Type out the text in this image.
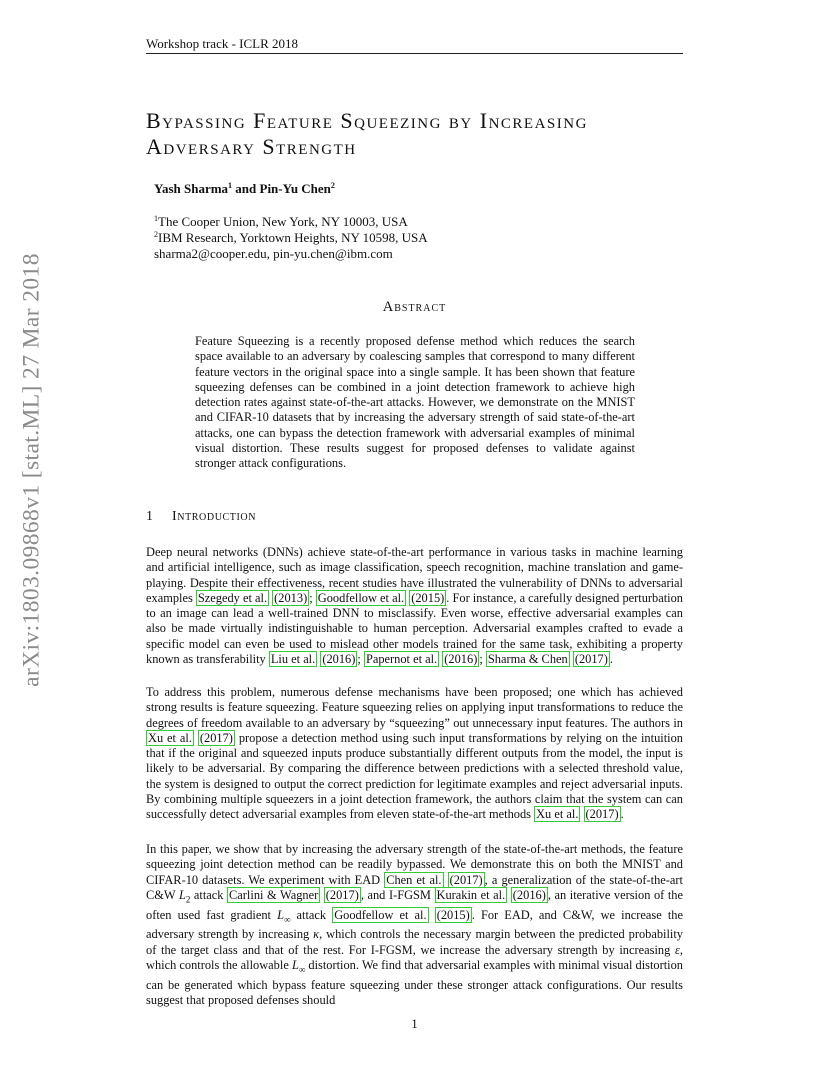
Workshop track - ICLR 2018
arXiv:1803.09868v1 [stat.ML] 27 Mar 2018
Bypassing Feature Squeezing by Increasing
Adversary Strength
Yash Sharma$^1$ and Pin-Yu Chen$^2$
$^1$The Cooper Union, New York, NY 10003, USA
$^2$IBM Research, Yorktown Heights, NY 10598, USA
sharma2@cooper.edu, pin-yu.chen@ibm.com
Abstract
Feature Squeezing is a recently proposed defense method which reduces the search space available to an adversary by coalescing samples that correspond to many different feature vectors in the original space into a single sample. It has been shown that feature squeezing defenses can be combined in a joint detection framework to achieve high detection rates against state-of-the-art attacks. However, we demonstrate on the MNIST and CIFAR-10 datasets that by increasing the adversary strength of said state-of-the-art attacks, one can bypass the detection framework with adversarial examples of minimal visual distortion. These results suggest for proposed defenses to validate against stronger attack configurations.
1 Introduction
Deep neural networks (DNNs) achieve state-of-the-art performance in various tasks in machine learning and artificial intelligence, such as image classification, speech recognition, machine translation and game-playing. Despite their effectiveness, recent studies have illustrated the vulnerability of DNNs to adversarial examples Szegedy et al. (2013) ; Goodfellow et al. (2015) . For instance, a carefully designed perturbation to an image can lead a well-trained DNN to misclassify. Even worse, effective adversarial examples can also be made virtually indistinguishable to human perception. Adversarial examples crafted to evade a specific model can even be used to mislead other models trained for the same task, exhibiting a property known as transferability Liu et al. (2016) ; Papernot et al. (2016) ; Sharma & Chen (2017) .
To address this problem, numerous defense mechanisms have been proposed; one which has achieved strong results is feature squeezing. Feature squeezing relies on applying input transformations to reduce the degrees of freedom available to an adversary by “squeezing” out unnecessary input features. The authors in Xu et al. (2017) propose a detection method using such input transformations by relying on the intuition that if the original and squeezed inputs produce substantially different outputs from the model, the input is likely to be adversarial. By comparing the difference between predictions with a selected threshold value, the system is designed to output the correct prediction for legitimate examples and reject adversarial inputs. By combining multiple squeezers in a joint detection framework, the authors claim that the system can can successfully detect adversarial examples from eleven state-of-the-art methods Xu et al. (2017) .
In this paper, we show that by increasing the adversary strength of the state-of-the-art methods, the feature squeezing joint detection method can be readily bypassed. We demonstrate this on both the MNIST and CIFAR-10 datasets. We experiment with EAD Chen et al. (2017) , a generalization of the state-of-the-art C&W $L_2$ attack Carlini & Wagner (2017) , and I-FGSM Kurakin et al. (2016) , an iterative version of the often used fast gradient $L_\infty$ attack Goodfellow et al. (2015) . For EAD, and C&W, we increase the adversary strength by increasing κ, which controls the necessary margin between the predicted probability of the target class and that of the rest. For I-FGSM, we increase the adversary strength by increasing ε, which controls the allowable $L_\infty$ distortion. We find that adversarial examples with minimal visual distortion can be generated which bypass feature squeezing under these stronger attack configurations. Our results suggest that proposed defenses should
1
